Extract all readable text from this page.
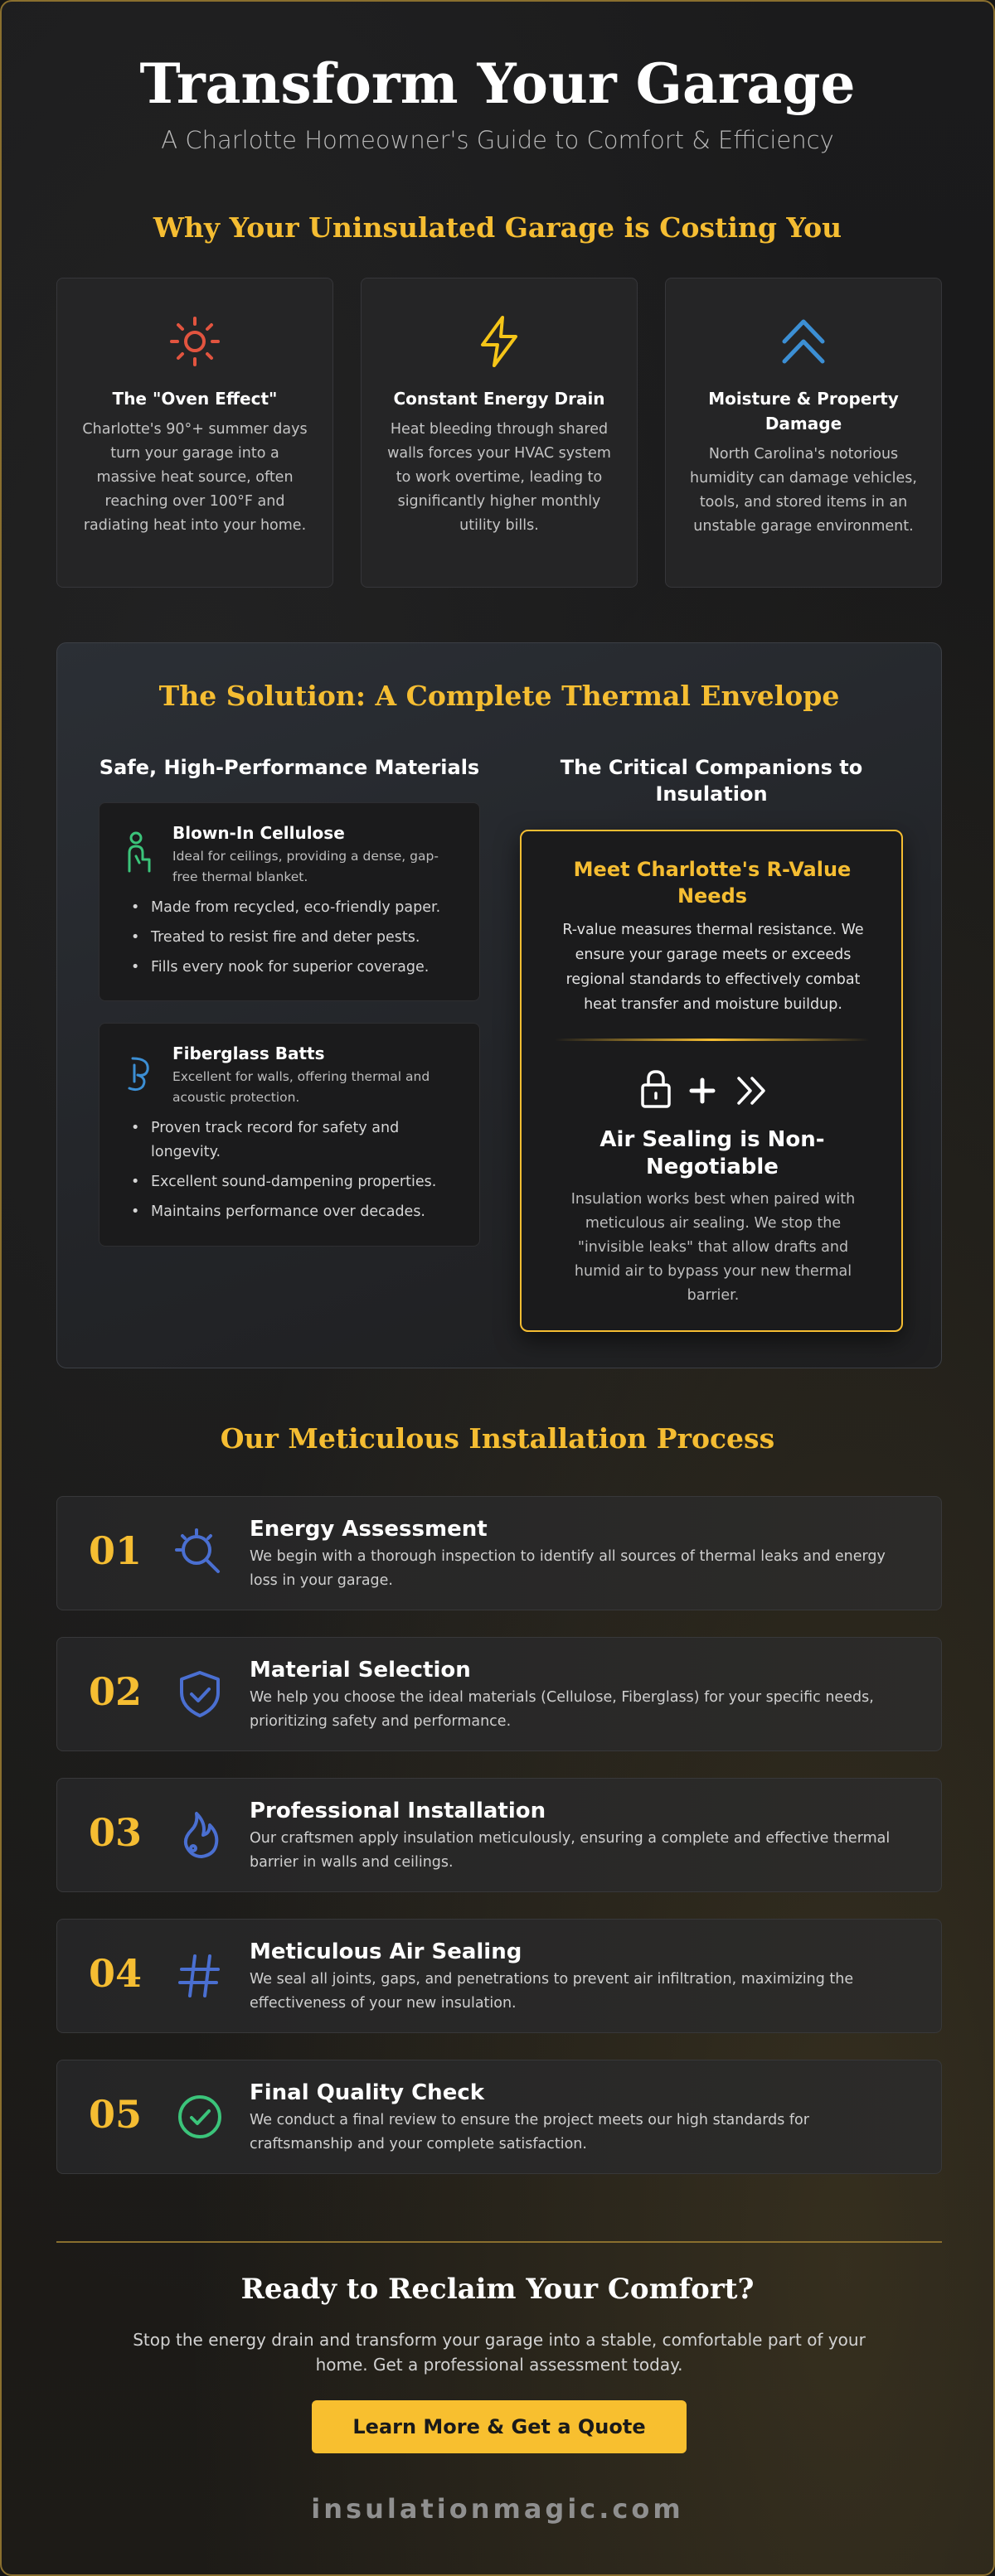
Transform Your Garage
A Charlotte Homeowner's Guide to Comfort & Efficiency
Why Your Uninsulated Garage is Costing You
The "Oven Effect"

Charlotte's 90°+ summer days turn your garage into a massive heat source, often reaching over 100°F and radiating heat into your home.

Constant Energy Drain

Heat bleeding through shared walls forces your HVAC system to work overtime, leading to significantly higher monthly utility bills.

Moisture & Property Damage

North Carolina's notorious humidity can damage vehicles, tools, and stored items in an unstable garage environment.

The Solution: A Complete Thermal Envelope
Safe, High-Performance Materials	The Critical Companions to Insulation
Blown-In Cellulose
Ideal for ceilings, providing a dense, gap-free thermal blanket.
• Made from recycled, eco-friendly paper.
• Treated to resist fire and deter pests.
• Fills every nook for superior coverage.
Fiberglass Batts
Excellent for walls, offering thermal and acoustic protection.
• Proven track record for safety and longevity.
• Excellent sound-dampening properties.
• Maintains performance over decades.
Meet Charlotte's R-Value Needs
R-value measures thermal resistance. We ensure your garage meets or exceeds regional standards to effectively combat heat transfer and moisture buildup.
Air Sealing is Non-Negotiable
Insulation works best when paired with meticulous air sealing. We stop the "invisible leaks" that allow drafts and humid air to bypass your new thermal barrier.
Our Meticulous Installation Process
01	Energy Assessment

We begin with a thorough inspection to identify all sources of thermal leaks and energy loss in your garage.

02	Material Selection

We help you choose the ideal materials (Cellulose, Fiberglass) for your specific needs, prioritizing safety and performance.

03	Professional Installation

Our craftsmen apply insulation meticulously, ensuring a complete and effective thermal barrier in walls and ceilings.

04	Meticulous Air Sealing

We seal all joints, gaps, and penetrations to prevent air infiltration, maximizing the effectiveness of your new insulation.

05	Final Quality Check

We conduct a final review to ensure the project meets our high standards for craftsmanship and your complete satisfaction.

Ready to Reclaim Your Comfort?

Stop the energy drain and transform your garage into a stable, comfortable part of your home. Get a professional assessment today.

Learn More & Get a Quote
insulationmagic.com
